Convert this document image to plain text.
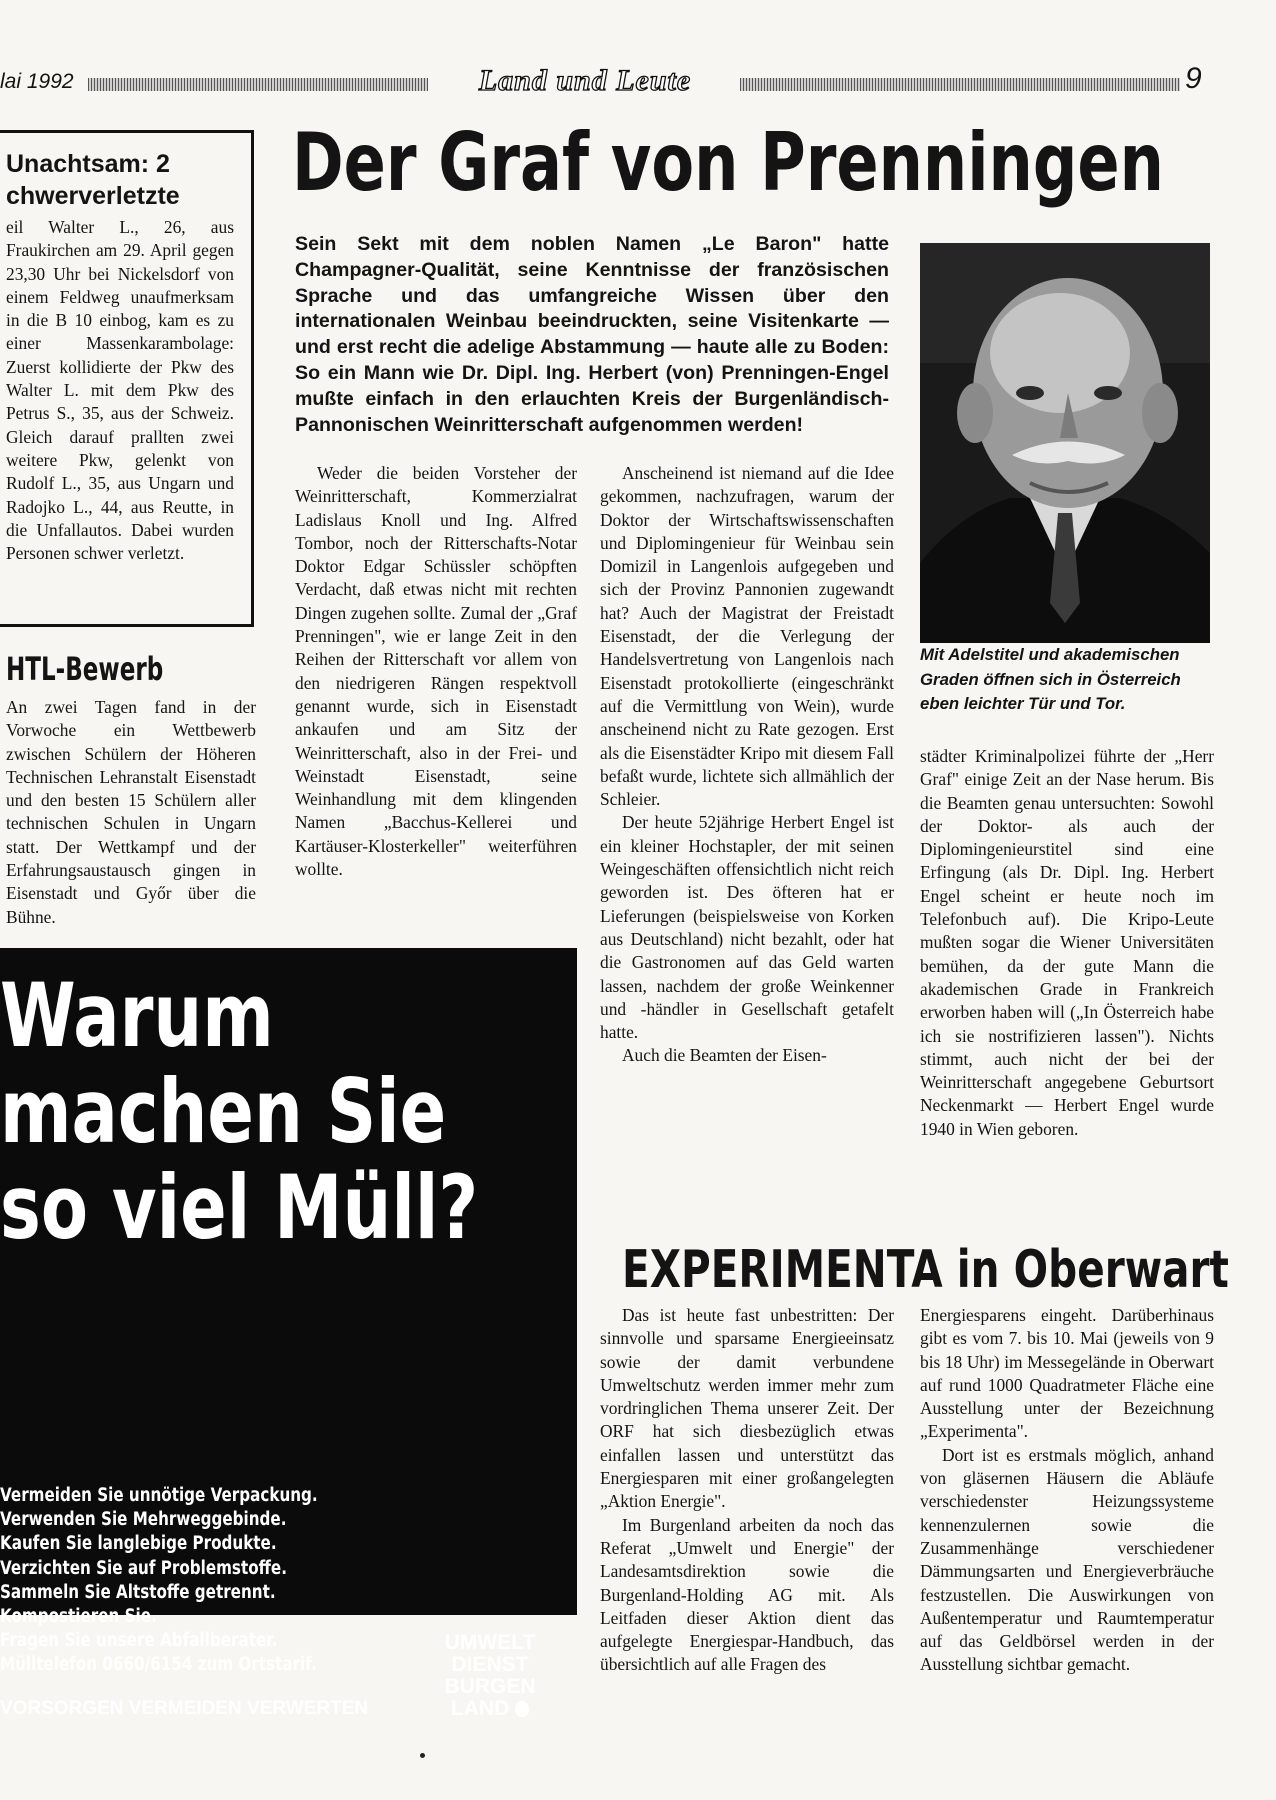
lai 1992	Land und Leute	9
Unachtsam: 2
chwerverletzte
eil Walter L., 26, aus Fraukirchen am 29. April gegen 23,30 Uhr bei Nickelsdorf von einem Feldweg unaufmerksam in die B 10 einbog, kam es zu einer Massenkarambolage: Zuerst kollidierte der Pkw des Walter L. mit dem Pkw des Petrus S., 35, aus der Schweiz. Gleich darauf prallten zwei weitere Pkw, gelenkt von Rudolf L., 35, aus Ungarn und Radojko L., 44, aus Reutte, in die Unfallautos. Dabei wurden Personen schwer verletzt.
HTL-Bewerb
An zwei Tagen fand in der Vorwoche ein Wettbewerb zwischen Schülern der Höheren Technischen Lehranstalt Eisenstadt und den besten 15 Schülern aller technischen Schulen in Ungarn statt. Der Wettkampf und der Erfahrungsaustausch gingen in Eisenstadt und Győr über die Bühne.
Der Graf von Prenningen
Sein Sekt mit dem noblen Namen „Le Baron" hatte Champagner-Qualität, seine Kenntnisse der französischen Sprache und das umfangreiche Wissen über den internationalen Weinbau beeindruckten, seine Visitenkarte — und erst recht die adelige Abstammung — haute alle zu Boden: So ein Mann wie Dr. Dipl. Ing. Herbert (von) Prenningen-Engel mußte einfach in den erlauchten Kreis der Burgenländisch-Pannonischen Weinritterschaft aufgenommen werden!

Weder die beiden Vorsteher der Weinritterschaft, Kommerzialrat Ladislaus Knoll und Ing. Alfred Tombor, noch der Ritterschafts-Notar Doktor Edgar Schüssler schöpften Verdacht, daß etwas nicht mit rechten Dingen zugehen sollte. Zumal der „Graf Prenningen", wie er lange Zeit in den Reihen der Ritterschaft vor allem von den niedrigeren Rängen respektvoll genannt wurde, sich in Eisenstadt ankaufen und am Sitz der Weinritterschaft, also in der Frei- und Weinstadt Eisenstadt, seine Weinhandlung mit dem klingenden Namen „Bacchus-Kellerei und Kartäuser-Klosterkeller" weiterführen wollte.

Anscheinend ist niemand auf die Idee gekommen, nachzufragen, warum der Doktor der Wirtschaftswissenschaften und Diplomingenieur für Weinbau sein Domizil in Langenlois aufgegeben und sich der Provinz Pannonien zugewandt hat? Auch der Magistrat der Freistadt Eisenstadt, der die Verlegung der Handelsvertretung von Langenlois nach Eisenstadt protokollierte (eingeschränkt auf die Vermittlung von Wein), wurde anscheinend nicht zu Rate gezogen. Erst als die Eisenstädter Kripo mit diesem Fall befaßt wurde, lichtete sich allmählich der Schleier.

Der heute 52jährige Herbert Engel ist ein kleiner Hochstapler, der mit seinen Weingeschäften offensichtlich nicht reich geworden ist. Des öfteren hat er Lieferungen (beispielsweise von Korken aus Deutschland) nicht bezahlt, oder hat die Gastronomen auf das Geld warten lassen, nachdem der große Weinkenner und -händler in Gesellschaft getafelt hatte.

Auch die Beamten der Eisen-

städter Kriminalpolizei führte der „Herr Graf" einige Zeit an der Nase herum. Bis die Beamten genau untersuchten: Sowohl der Doktor- als auch der Diplomingenieurstitel sind eine Erfingung (als Dr. Dipl. Ing. Herbert Engel scheint er heute noch im Telefonbuch auf). Die Kripo-Leute mußten sogar die Wiener Universitäten bemühen, da der gute Mann die akademischen Grade in Frankreich erworben haben will („In Österreich habe ich sie nostrifizieren lassen"). Nichts stimmt, auch nicht der bei der Weinritterschaft angegebene Geburtsort Neckenmarkt — Herbert Engel wurde 1940 in Wien geboren.

Mit Adelstitel und akademischen Graden öffnen sich in Österreich eben leichter Tür und Tor.
Warum
machen Sie
so viel Müll?
Vermeiden Sie unnötige Verpackung.
Verwenden Sie Mehrweggebinde.
Kaufen Sie langlebige Produkte.
Verzichten Sie auf Problemstoffe.
Sammeln Sie Altstoffe getrennt.
Kompostieren Sie.
Fragen Sie unsere Abfallberater.
Mülltelefon 0660/6154 zum Ortstarif.
VORSORGEN VERMEIDEN VERWERTEN
UMWELT
DIENST
BURGEN
LAND
EXPERIMENTA in Oberwart

Das ist heute fast unbestritten: Der sinnvolle und sparsame Energieeinsatz sowie der damit verbundene Umweltschutz werden immer mehr zum vordringlichen Thema unserer Zeit. Der ORF hat sich diesbezüglich etwas einfallen lassen und unterstützt das Energiesparen mit einer großangelegten „Aktion Energie".

Im Burgenland arbeiten da noch das Referat „Umwelt und Energie" der Landesamtsdirektion sowie die Burgenland-Holding AG mit. Als Leitfaden dieser Aktion dient das aufgelegte Energiespar-Handbuch, das übersichtlich auf alle Fragen des

Energiesparens eingeht. Darüberhinaus gibt es vom 7. bis 10. Mai (jeweils von 9 bis 18 Uhr) im Messegelände in Oberwart auf rund 1000 Quadratmeter Fläche eine Ausstellung unter der Bezeichnung „Experimenta".

Dort ist es erstmals möglich, anhand von gläsernen Häusern die Abläufe verschiedenster Heizungssysteme kennenzulernen sowie die Zusammenhänge verschiedener Dämmungsarten und Energieverbräuche festzustellen. Die Auswirkungen von Außentemperatur und Raumtemperatur auf das Geldbörsel werden in der Ausstellung sichtbar gemacht.
